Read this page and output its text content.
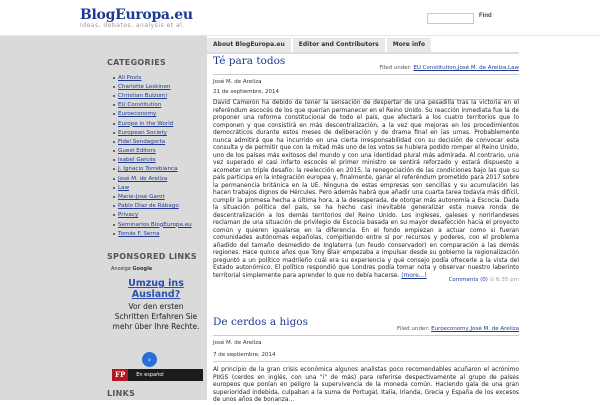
BlogEuropa.eu
Ideas, debates, analysis et al.
Find
CATEGORIES
All Posts
Charlotte Leskinen
Christian Bulzomi
EU Constitution
Euroeconomy
Europe in the World
European Society
Fidel Sendagorta
Guest Editors
Isabel Garcés
J. Ignacio Torreblanca
José M. de Areilza
Law
Marie-José Garot
Pablo Díaz de Rábago
Privacy
Seminarios BlogEuropa.eu
Tomás F. Serna
SPONSORED LINKS
Anzeige Google
Umzug ins Ausland?
Vor den ersten Schritten Erfahren Sie mehr über Ihre Rechte.
›
FP	En español
LINKS
About BlogEuropa.eu	Editor and Contributors	More info
Té para todos
Filed under: EU Constitution,José M. de Areilza,Law
José M. de Areilza
21 de septiembre, 2014
David Cameron ha debido de tener la sensación de despertar de una pesadilla tras la victoria en el referéndum escocés de los que querían permanecer en el Reino Unido. Su reacción inmediata fue la de proponer una reforma constitucional de todo el país, que afectará a los cuatro territorios que lo componen y que consistirá en más descentralización, a la vez que mejoras en los procedimientos democráticos durante estos meses de deliberación y de drama final en las urnas. Probablemente nunca admitirá que ha incurrido en una cierta irresponsabilidad con su decisión de convocar esta consulta y de permitir que con la mitad más uno de los votos se hubiera podido romper el Reino Unido, uno de los países más exitosos del mundo y con una identidad plural más admirada. Al contrario, una vez superado el casi infarto escocés el primer ministro se sentirá reforzado y estará dispuesto a acometer un triple desafío: la reelección en 2015, la renegociación de las condiciones bajo las que su país participa en la integración europea y, finalmente, ganar el referéndum prometido para 2017 sobre la permanencia británica en la UE. Ninguna de estas empresas son sencillas y su acumulación las hacen trabajos dignos de Hércules. Pero además habrá que añadir una cuarta tarea todavía más difícil, cumplir la promesa hecha a última hora, a la desesperada, de otorgar más autonomía a Escocia. Dada la situación política del país, se ha hecho casi inevitable generalizar esta nueva ronda de descentralización a los demás territorios del Reino Unido. Los ingleses, galeses y norirlandeses reclaman de una situación de privilegio de Escocia basada en su mayor desafección hacia el proyecto común y quieren igualarse en la diferencia. En el fondo empiezan a actuar como si fueran comunidades autónomas españolas, compitiendo entre sí por recursos y poderes, con el problema añadido del tamaño desmedido de Inglaterra (un feudo conservador) en comparación a las demás regiones. Hace quince años que Tony Blair empezaba a impulsar desde su gobierno la regionalización preguntó a un político madrileño cuál era su experiencia y qué consejo podía ofrecerle a la vista del Estado autonómico. El político respondió que Londres podía tomar nota y observar nuestro laberinto territorial simplemente para aprender lo que no debía hacerse. (more...)
Comments (0) ⊙ 6:35 pm
De cerdos a higos
Filed under: Euroeconomy,José M. de Areilza
José M. de Areilza
7 de septiembre, 2014
Al principio de la gran crisis económica algunos analistas poco recomendables acuñaron el acrónimo PIIGS (cerdos en inglés, con una "i" de más) para referirse despectivamente al grupo de países europeos que ponían en peligro la supervivencia de la moneda común. Haciendo gala de una gran superioridad indebida, culpaban a la suma de Portugal, Italia, Irlanda, Grecia y España de los excesos de unos años de bonanza...
